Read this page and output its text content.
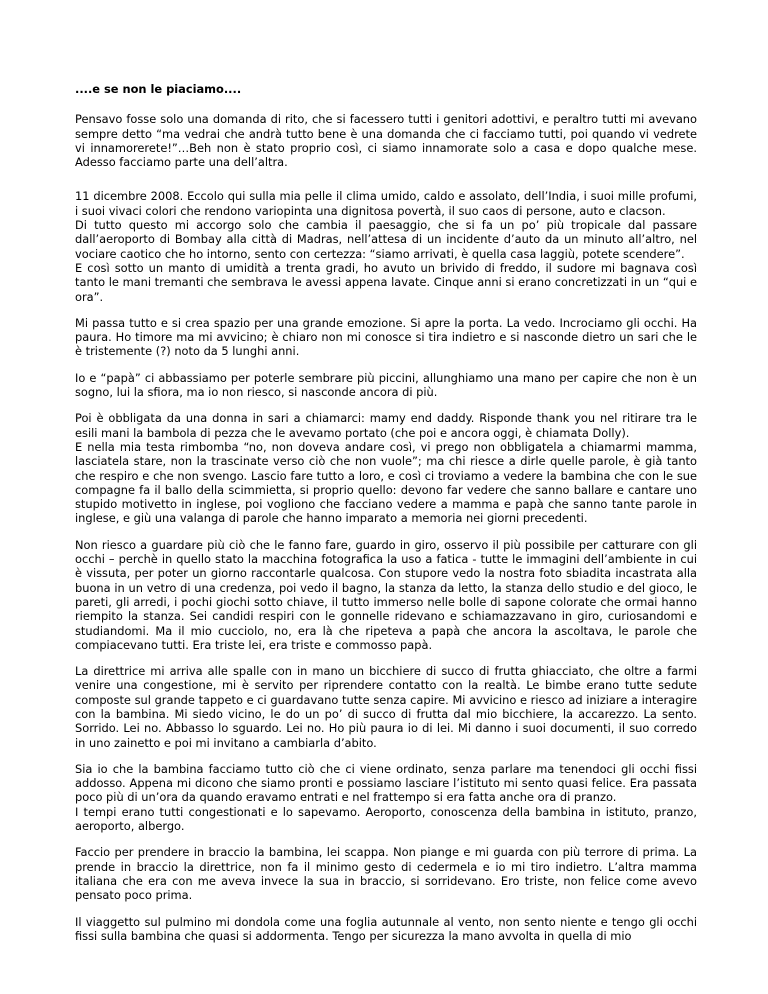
....e se non le piaciamo....

Pensavo fosse solo una domanda di rito, che si facessero tutti i genitori adottivi, e peraltro tutti mi avevano sempre detto “ma vedrai che andrà tutto bene è una domanda che ci facciamo tutti, poi quando vi vedrete vi innamorerete!”…Beh non è stato proprio così, ci siamo innamorate solo a casa e dopo qualche mese. Adesso facciamo parte una dell’altra.

11 dicembre 2008. Eccolo qui sulla mia pelle il clima umido, caldo e assolato, dell’India, i suoi mille profumi, i suoi vivaci colori che rendono variopinta una dignitosa povertà, il suo caos di persone, auto e clacson.
Di tutto questo mi accorgo solo che cambia il paesaggio, che si fa un po’ più tropicale dal passare dall’aeroporto di Bombay alla città di Madras, nell’attesa di un incidente d’auto da un minuto all’altro, nel vociare caotico che ho intorno, sento con certezza: “siamo arrivati, è quella casa laggiù, potete scendere”.
E così sotto un manto di umidità a trenta gradi, ho avuto un brivido di freddo, il sudore mi bagnava così tanto le mani tremanti che sembrava le avessi appena lavate. Cinque anni si erano concretizzati in un “qui e ora”.

Mi passa tutto e si crea spazio per una grande emozione. Si apre la porta. La vedo. Incrociamo gli occhi. Ha paura. Ho timore ma mi avvicino; è chiaro non mi conosce si tira indietro e si nasconde dietro un sari che le è tristemente (?) noto da 5 lunghi anni.

Io e “papà” ci abbassiamo per poterle sembrare più piccini, allunghiamo una mano per capire che non è un sogno, lui la sfiora, ma io non riesco, si nasconde ancora di più.

Poi è obbligata da una donna in sari a chiamarci: mamy end daddy. Risponde thank you nel ritirare tra le esili mani la bambola di pezza che le avevamo portato (che poi e ancora oggi, è chiamata Dolly).
E nella mia testa rimbomba “no, non doveva andare così, vi prego non obbligatela a chiamarmi mamma, lasciatela stare, non la trascinate verso ciò che non vuole”; ma chi riesce a dirle quelle parole, è già tanto che respiro e che non svengo. Lascio fare tutto a loro, e così ci troviamo a vedere la bambina che con le sue compagne fa il ballo della scimmietta, si proprio quello: devono far vedere che sanno ballare e cantare uno stupido motivetto in inglese, poi vogliono che facciano vedere a mamma e papà che sanno tante parole in inglese, e giù una valanga di parole che hanno imparato a memoria nei giorni precedenti.

Non riesco a guardare più ciò che le fanno fare, guardo in giro, osservo il più possibile per catturare con gli occhi – perchè in quello stato la macchina fotografica la uso a fatica - tutte le immagini dell’ambiente in cui è vissuta, per poter un giorno raccontarle qualcosa. Con stupore vedo la nostra foto sbiadita incastrata alla buona in un vetro di una credenza, poi vedo il bagno, la stanza da letto, la stanza dello studio e del gioco, le pareti, gli arredi, i pochi giochi sotto chiave, il tutto immerso nelle bolle di sapone colorate che ormai hanno riempito la stanza. Sei candidi respiri con le gonnelle ridevano e schiamazzavano in giro, curiosandomi e studiandomi. Ma il mio cucciolo, no, era là che ripeteva a papà che ancora la ascoltava, le parole che compiacevano tutti. Era triste lei, era triste e commosso papà.

La direttrice mi arriva alle spalle con in mano un bicchiere di succo di frutta ghiacciato, che oltre a farmi venire una congestione, mi è servito per riprendere contatto con la realtà. Le bimbe erano tutte sedute composte sul grande tappeto e ci guardavano tutte senza capire. Mi avvicino e riesco ad iniziare a interagire con la bambina. Mi siedo vicino, le do un po’ di succo di frutta dal mio bicchiere, la accarezzo. La sento. Sorrido. Lei no. Abbasso lo sguardo. Lei no. Ho più paura io di lei. Mi danno i suoi documenti, il suo corredo in uno zainetto e poi mi invitano a cambiarla d’abito.

Sia io che la bambina facciamo tutto ciò che ci viene ordinato, senza parlare ma tenendoci gli occhi fissi addosso. Appena mi dicono che siamo pronti e possiamo lasciare l’istituto mi sento quasi felice. Era passata poco più di un’ora da quando eravamo entrati e nel frattempo si era fatta anche ora di pranzo.
I tempi erano tutti congestionati e lo sapevamo. Aeroporto, conoscenza della bambina in istituto, pranzo, aeroporto, albergo.

Faccio per prendere in braccio la bambina, lei scappa. Non piange e mi guarda con più terrore di prima. La prende in braccio la direttrice, non fa il minimo gesto di cedermela e io mi tiro indietro. L’altra mamma italiana che era con me aveva invece la sua in braccio, si sorridevano. Ero triste, non felice come avevo pensato poco prima.

Il viaggetto sul pulmino mi dondola come una foglia autunnale al vento, non sento niente e tengo gli occhi fissi sulla bambina che quasi si addormenta. Tengo per sicurezza la mano avvolta in quella di mio
